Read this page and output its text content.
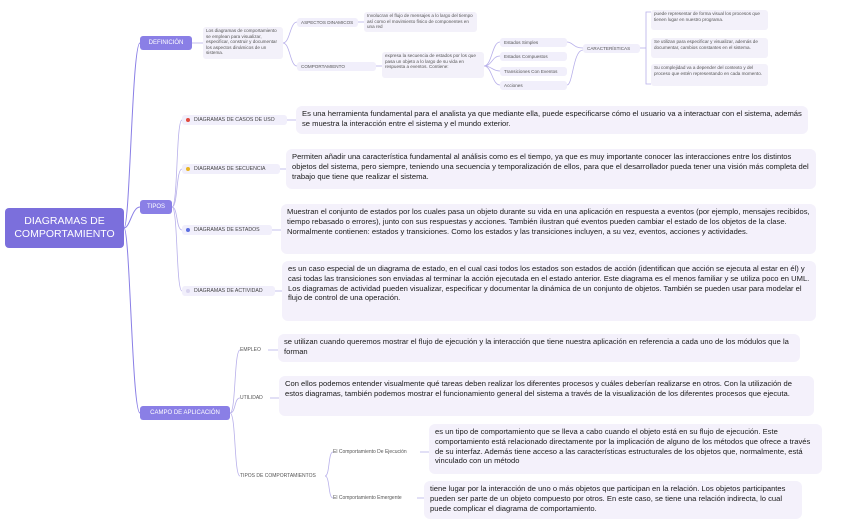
DIAGRAMAS DE COMPORTAMIENTO
DEFINICIÓN
Los diagramas de comportamiento se emplean para visualizar, especificar, construir y documentar los aspectos dinámicos de un sistema.
ASPECTOS DINAMICOS
Involucran el flujo de mensajes a lo largo del tiempo así como el movimiento físico de componentes en una red
COMPORTAMIENTO
expresa la secuencia de estados por los que pasa un objeto a lo largo de su vida en respuesta a eventos. Contiene:
Estados Simples
Estados Compuestos
Transiciones Con Eventos
Acciones
CARACTERÍSTICAS
puede representar de forma visual los procesos que tienen lugar en nuestro programa.
Se utilizan para especificar y visualizar, además de documentar, cambios constantes en el sistema.
Su complejidad va a depender del contexto y del proceso que estén representando en cada momento.
TIPOS
DIAGRAMAS DE CASOS DE USO
Es una herramienta fundamental para el analista ya que mediante ella, puede especificarse cómo el usuario va a interactuar con el sistema, además se muestra la interacción entre el sistema y el mundo exterior.
DIAGRAMAS DE SECUENCIA
Permiten añadir una característica fundamental al análisis como es el tiempo, ya que es muy importante conocer las interacciones entre los distintos objetos del sistema, pero siempre, teniendo una secuencia y temporalización de ellos, para que el desarrollador pueda tener una visión más completa del trabajo que tiene que realizar el sistema.
DIAGRAMAS DE ESTADOS
Muestran el conjunto de estados por los cuales pasa un objeto durante su vida en una aplicación en respuesta a eventos (por ejemplo, mensajes recibidos, tiempo rebasado o errores), junto con sus respuestas y acciones. También ilustran qué eventos pueden cambiar el estado de los objetos de la clase. Normalmente contienen: estados y transiciones. Como los estados y las transiciones incluyen, a su vez, eventos, acciones y actividades.
DIAGRAMAS DE ACTIVIDAD
es un caso especial de un diagrama de estado, en el cual casi todos los estados son estados de acción (identifican que acción se ejecuta al estar en él) y casi todas las transiciones son enviadas al terminar la acción ejecutada en el estado anterior. Este diagrama es el menos familiar y se utiliza poco en UML. Los diagramas de actividad pueden visualizar, especificar y documentar la dinámica de un conjunto de objetos. También se pueden usar para modelar el flujo de control de una operación.
CAMPO DE APLICACIÓN
EMPLEO
se utilizan cuando queremos mostrar el flujo de ejecución y la interacción que tiene nuestra aplicación en referencia a cada uno de los módulos que la forman
UTILIDAD
Con ellos podemos entender visualmente qué tareas deben realizar los diferentes procesos y cuáles deberían realizarse en otros. Con la utilización de estos diagramas, también podemos mostrar el funcionamiento general del sistema a través de la visualización de los diferentes procesos que ejecuta.
TIPOS DE COMPORTAMIENTOS
El Comportamiento De Ejecución
es un tipo de comportamiento que se lleva a cabo cuando el objeto está en su flujo de ejecución. Este comportamiento está relacionado directamente por la implicación de alguno de los métodos que ofrece a través de su interfaz. Además tiene acceso a las características estructurales de los objetos que, normalmente, está vinculado con un método
El Comportamiento Emergente
tiene lugar por la interacción de uno o más objetos que participan en la relación. Los objetos participantes pueden ser parte de un objeto compuesto por otros. En este caso, se tiene una relación indirecta, lo cual puede complicar el diagrama de comportamiento.
